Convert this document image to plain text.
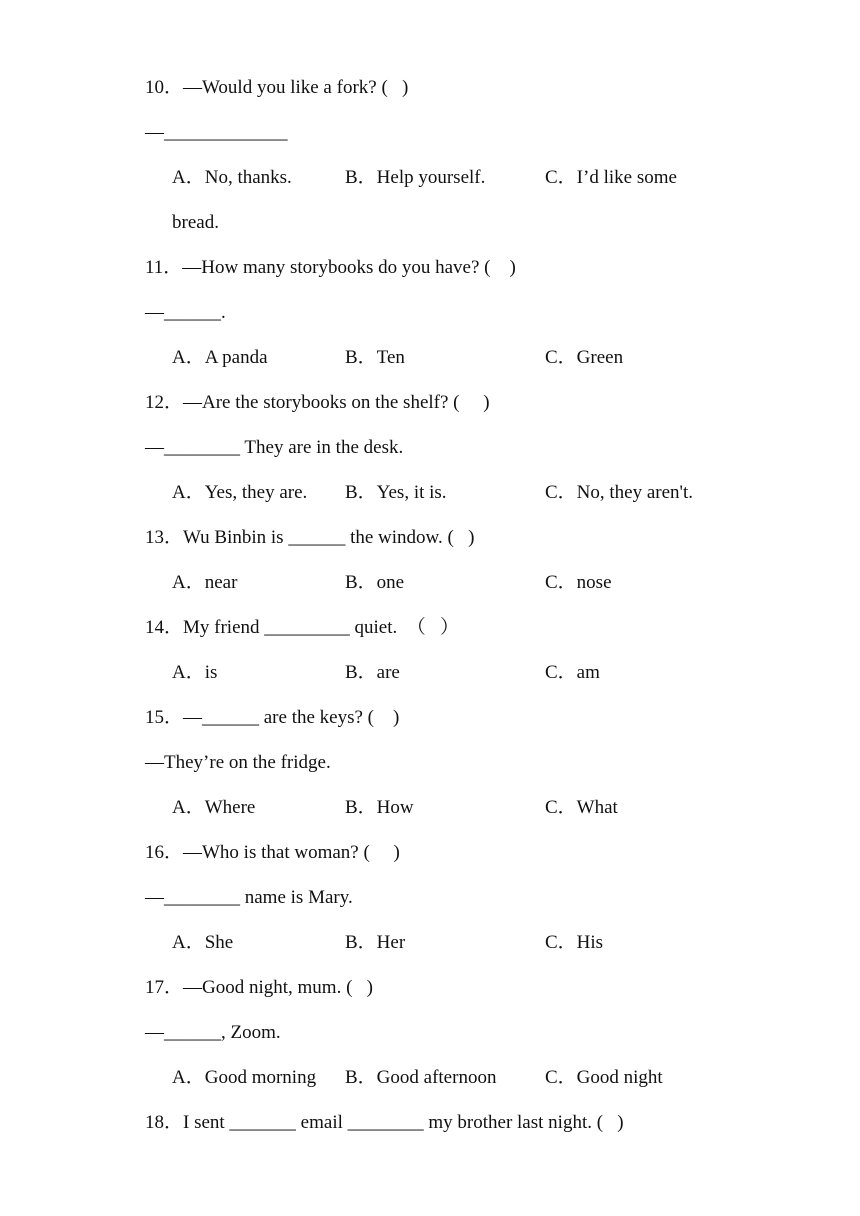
10．—Would you like a fork? (   )
—_____________
A．No, thanks.	B．Help yourself.	C．I’d like some
bread.
11．—How many storybooks do you have? (    )
—______.
A．A panda	B．Ten	C．Green
12．—Are the storybooks on the shelf? (     )
—________ They are in the desk.
A．Yes, they are. B．Yes, it is.	C．No, they aren't.
13．Wu Binbin is ______ the window. (   )
A．near	B．one	C．nose
14．My friend _________ quiet.  （   ）
A．is	B．are	C．am
15．—______ are the keys? (    )
—They’re on the fridge.
A．Where	B．How	C．What
16．—Who is that woman? (     )
—________ name is Mary.
A．She	B．Her	C．His
17．—Good night, mum. (   )
—______, Zoom.
A．Good morning B．Good afternoon	C．Good night
18．I sent _______ email ________ my brother last night. (   )
